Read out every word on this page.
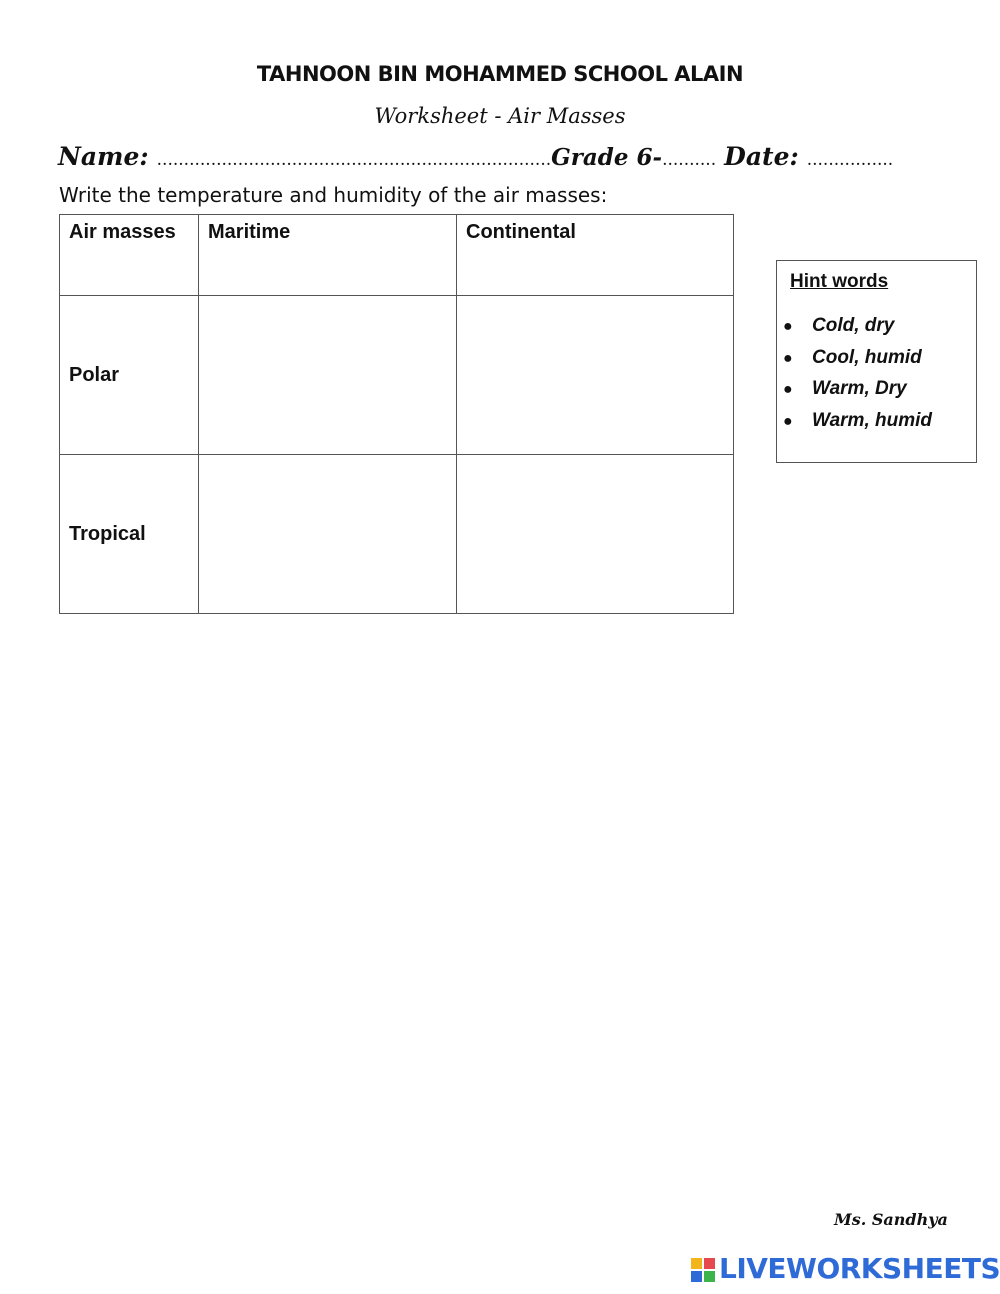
TAHNOON BIN MOHAMMED SCHOOL ALAIN
Worksheet - Air Masses
Name: .........................................................................Grade 6-.......... Date: ................
Write the temperature and humidity of the air masses:
Air masses	Maritime	Continental
Polar		
Tropical		
Hint words
● Cold, dry
● Cool, humid
● Warm, Dry
● Warm, humid
Ms. Sandhya
LIVEWORKSHEETS
